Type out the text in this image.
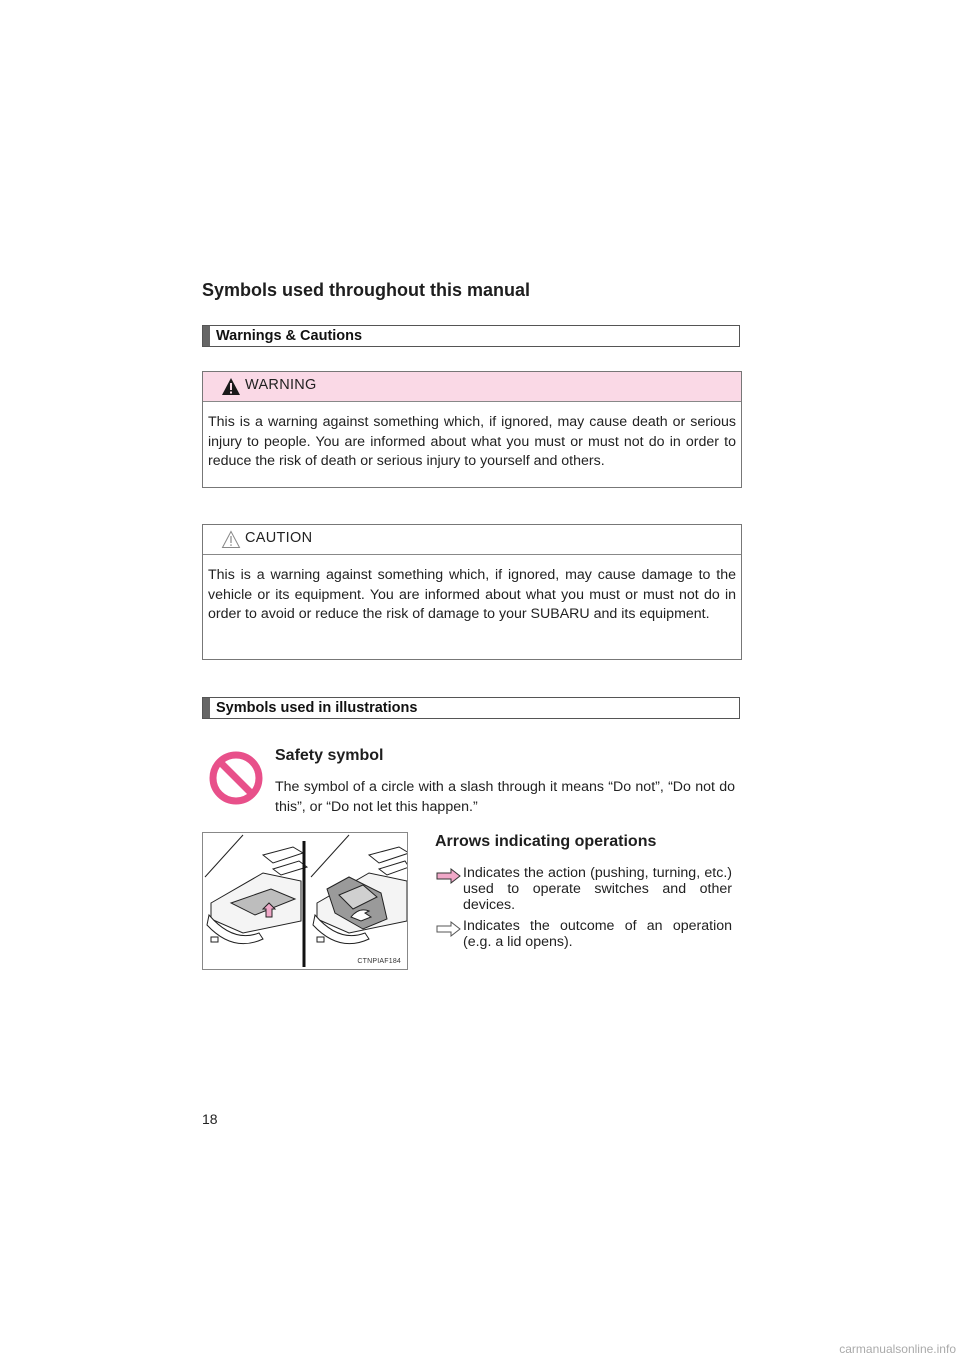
Symbols used throughout this manual
Warnings & Cautions
WARNING
This is a warning against something which, if ignored, may cause death or serious injury to people. You are informed about what you must or must not do in order to reduce the risk of death or serious injury to yourself and others.
CAUTION
This is a warning against something which, if ignored, may cause damage to the vehicle or its equipment. You are informed about what you must or must not do in order to avoid or reduce the risk of damage to your SUBARU and its equipment.
Symbols used in illustrations
Safety symbol
The symbol of a circle with a slash through it means “Do not”, “Do not do this”, or “Do not let this happen.”
CTNPIAF184
Arrows indicating operations
Indicates the action (pushing, turning, etc.) used to operate switches and other devices.
Indicates the outcome of an operation (e.g. a lid opens).
18
carmanualsonline.info
